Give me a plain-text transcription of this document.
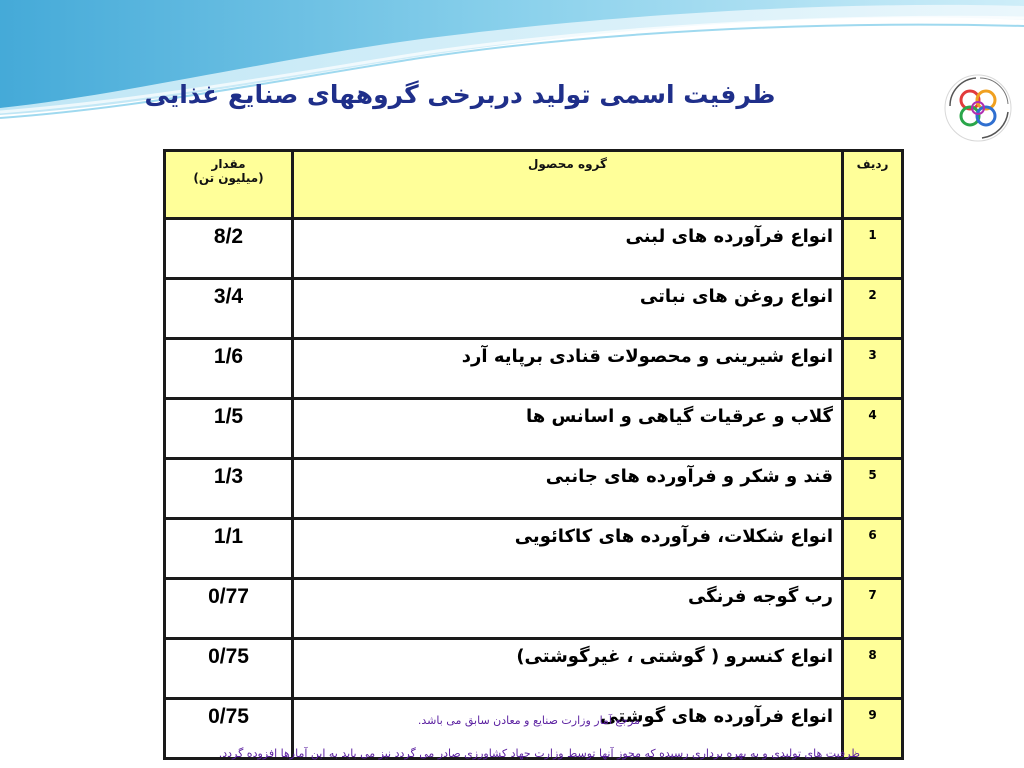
ظرفیت اسمی تولید دربرخی گروههای صنایع غذایی
مقدار
(میلیون تن)	گروه محصول	ردیف
8/2	انواع فرآورده های لبنی	1
3/4	انواع روغن های نباتی	2
1/6	انواع شیرینی و محصولات قنادی برپایه آرد	3
1/5	گلاب و عرقیات گیاهی و اسانس ها	4
1/3	قند و شکر و فرآورده های جانبی	5
1/1	انواع شکلات، فرآورده های کاکائویی	6
0/77	رب گوجه فرنگی	7
0/75	انواع کنسرو ( گوشتی ، غیرگوشتی)	8
0/75	انواع فرآورده های گوشتی	9
مرجع آمار وزارت صنایع و معادن سابق می باشد.
ظرفیت های تولیدی و به بهره برداری رسیده که مجوز آنها توسط وزارت جهاد کشاورزی صادر می گردد نیز می باید به این آمارها افزوده گردد.
